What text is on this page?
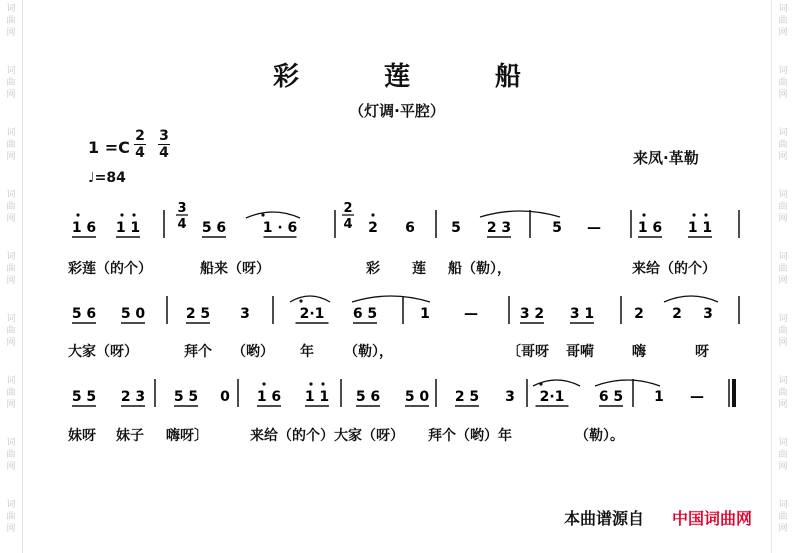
彩 莲 船
（灯调·平腔）
1 =C
2
4
3
4
♩=84
来凤·革勒
1 6 1 1	5 6	1 · 6	2 6	5 2 3	5 —	1 6 1 1
5 6 5 0	2 5 3	2·1 6 5	1 —	3 2 3 1	2 2 3
5 5 2 3 5 5 0 1 6 1 1 5 6 5 0 2 5 3 2·1 6 5 1 —
3
4
2
4
彩莲（的个）	船来（呀）	彩 莲 船（勒），	来给（的个）
大家（呀）	拜个 （哟） 年 （勒），	〔哥呀 哥嗬	嗨	呀
妹呀 妹子 嗨呀〕	来给（的个）大家（呀） 拜个（哟）年	（勒）。
本曲谱源自 中国词曲网
词
曲
网
词
曲
网
词
曲
网
词
曲
网
词
曲
网
词
曲
网
词
曲
网
词
曲
网
词
曲
网
词
曲
网
词
曲
网
词
曲
网
词
曲
网
词
曲
网
词
曲
网
词
曲
网
词
曲
网
词
曲
网
